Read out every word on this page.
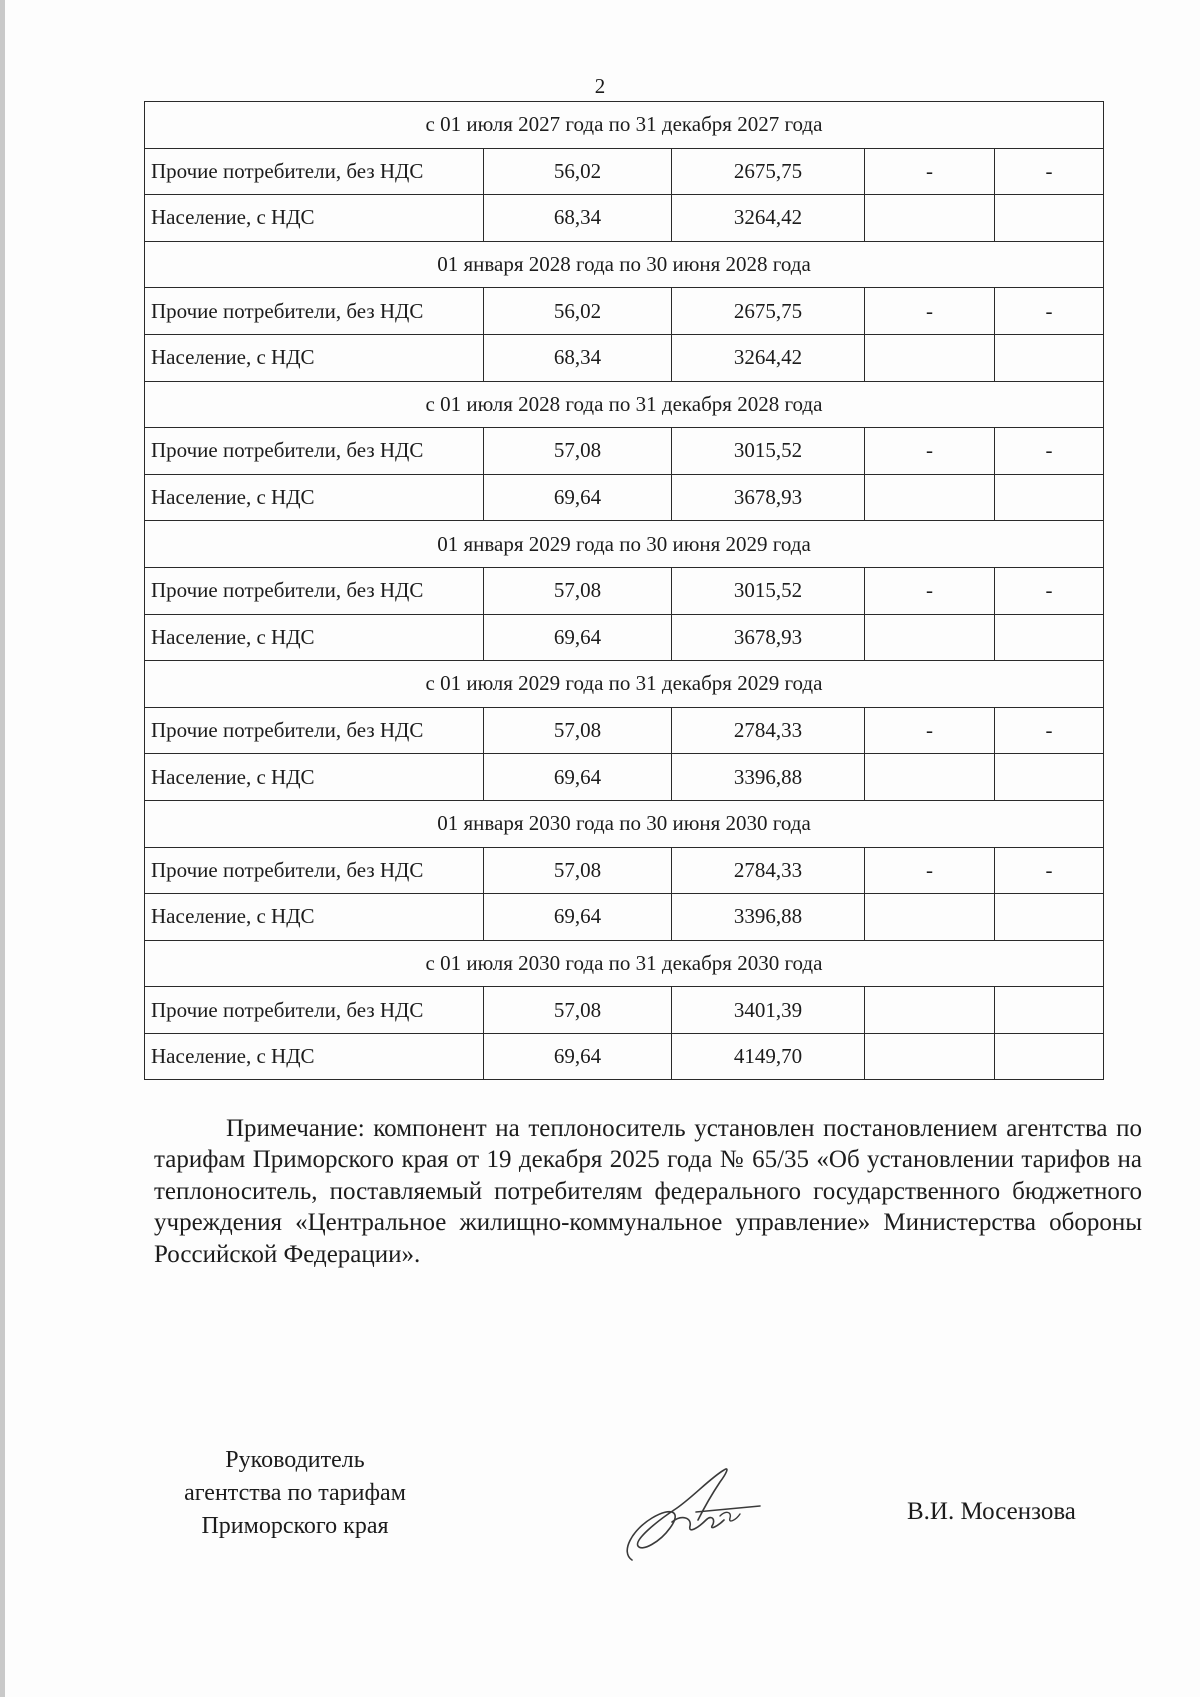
2
с 01 июля 2027 года по 31 декабря 2027 года				
Прочие потребители, без НДС	56,02	2675,75	-	-
Население, с НДС	68,34	3264,42		
01 января 2028 года по 30 июня 2028 года				
Прочие потребители, без НДС	56,02	2675,75	-	-
Население, с НДС	68,34	3264,42		
с 01 июля 2028 года по 31 декабря 2028 года				
Прочие потребители, без НДС	57,08	3015,52	-	-
Население, с НДС	69,64	3678,93		
01 января 2029 года по 30 июня 2029 года				
Прочие потребители, без НДС	57,08	3015,52	-	-
Население, с НДС	69,64	3678,93		
с 01 июля 2029 года по 31 декабря 2029 года				
Прочие потребители, без НДС	57,08	2784,33	-	-
Население, с НДС	69,64	3396,88		
01 января 2030 года по 30 июня 2030 года				
Прочие потребители, без НДС	57,08	2784,33	-	-
Население, с НДС	69,64	3396,88		
с 01 июля 2030 года по 31 декабря 2030 года				
Прочие потребители, без НДС	57,08	3401,39		
Население, с НДС	69,64	4149,70		

Примечание: компонент на теплоноситель установлен постановлением агентства по тарифам Приморского края от 19 декабря 2025 года № 65/35 «Об установлении тарифов на теплоноситель, поставляемый потребителям федерального государственного бюджетного учреждения «Центральное жилищно-коммунальное управление» Министерства обороны Российской Федерации».

Руководитель
агентства по тарифам
Приморского края
В.И. Мосензова
